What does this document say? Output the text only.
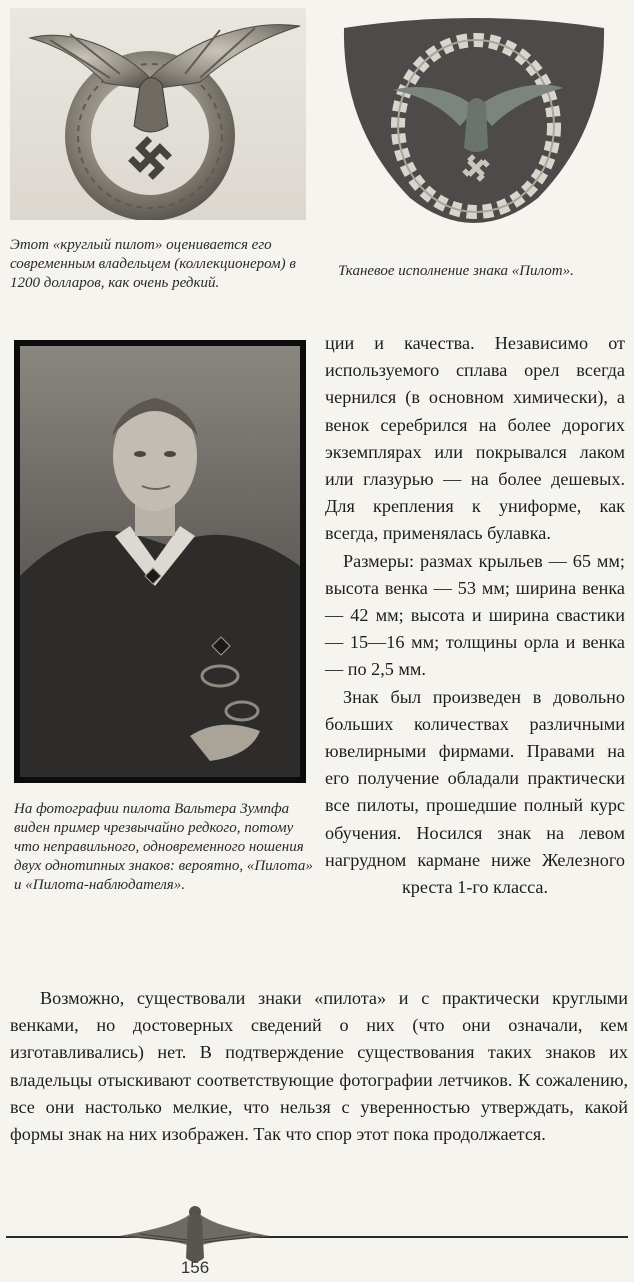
Этот «круглый пилот» оценивается его современным владельцем (коллекционером) в 1200 долларов, как очень редкий.
Тканевое исполнение знака «Пилот».
На фотографии пилота Вальтера Зумпфа виден пример чрезвычайно редкого, потому что неправильного, одновременного ношения двух однотипных знаков: вероятно, «Пилота» и «Пилота-наблюдателя».

ции и качества. Независимо от используемого сплава орел всегда чернился (в основном химически), а венок серебрился на более дорогих экземплярах или покрывался лаком или глазурью — на более дешевых. Для крепления к униформе, как всегда, применялась булавка.

Размеры: размах крыльев — 65 мм; высота венка — 53 мм; ширина венка — 42 мм; высота и ширина свастики — 15—16 мм; толщины орла и венка — по 2,5 мм.

Знак был произведен в довольно больших количествах различными ювелирными фирмами. Правами на его получение обладали практически все пилоты, прошедшие полный курс обучения. Носился знак на левом нагрудном кармане ниже Железного креста 1-го класса.

Возможно, существовали знаки «пилота» и с практически круглыми венками, но достоверных сведений о них (что они означали, кем изготавливались) нет. В подтверждение существования таких знаков их владельцы отыскивают соответствующие фотографии летчиков. К сожалению, все они настолько мелкие, что нельзя с уверенностью утверждать, какой формы знак на них изображен. Так что спор этот пока продолжается.

156
